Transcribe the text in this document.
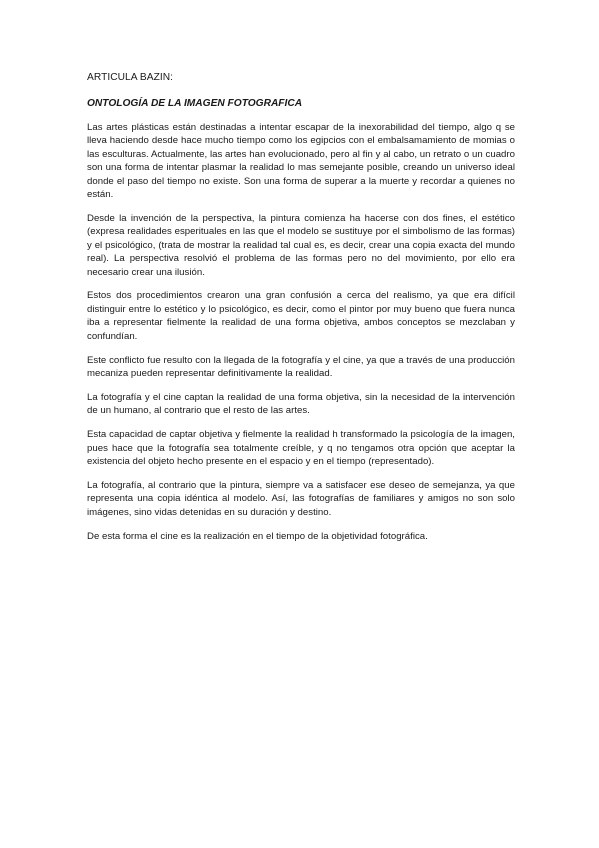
ARTICULA BAZIN:

ONTOLOGÍA DE LA IMAGEN FOTOGRAFICA

Las artes plásticas están destinadas a intentar escapar de la inexorabilidad del tiempo, algo q se lleva haciendo desde hace mucho tiempo como los egipcios con el embalsamamiento de momias o las esculturas. Actualmente, las artes han evolucionado, pero al fin y al cabo, un retrato o un cuadro son una forma de intentar plasmar la realidad lo mas semejante posible, creando un universo ideal donde el paso del tiempo no existe. Son una forma de superar a la muerte y recordar a quienes no están.

Desde la invención de la perspectiva, la pintura comienza ha hacerse con dos fines, el estético (expresa realidades esperituales en las que el modelo se sustituye por el simbolismo de las formas) y el psicológico, (trata de mostrar la realidad tal cual es, es decir, crear una copia exacta del mundo real). La perspectiva resolvió el problema de las formas pero no del movimiento, por ello era necesario crear una ilusión.

Estos dos procedimientos crearon una gran confusión a cerca del realismo, ya que era difícil distinguir entre lo estético y lo psicológico, es decir, como el pintor por muy bueno que fuera nunca iba a representar fielmente la realidad de una forma objetiva, ambos conceptos se mezclaban y confundían.

Este conflicto fue resulto con la llegada de la fotografía y el cine, ya que a través de una producción mecaniza pueden representar definitivamente la realidad.

La fotografía y el cine captan la realidad de una forma objetiva, sin la necesidad de la intervención de un humano, al contrario que el resto de las artes.

Esta capacidad de captar objetiva y fielmente la realidad h transformado la psicología de la imagen, pues hace que la fotografía sea totalmente creíble, y q no tengamos otra opción que aceptar la existencia del objeto hecho presente en el espacio y en el tiempo (representado).

La fotografía, al contrario que la pintura, siempre va a satisfacer ese deseo de semejanza, ya que representa una copia idéntica al modelo. Así, las fotografías de familiares y amigos no son solo imágenes, sino vidas detenidas en su duración y destino.

De esta forma el cine es la realización en el tiempo de la objetividad fotográfica.
